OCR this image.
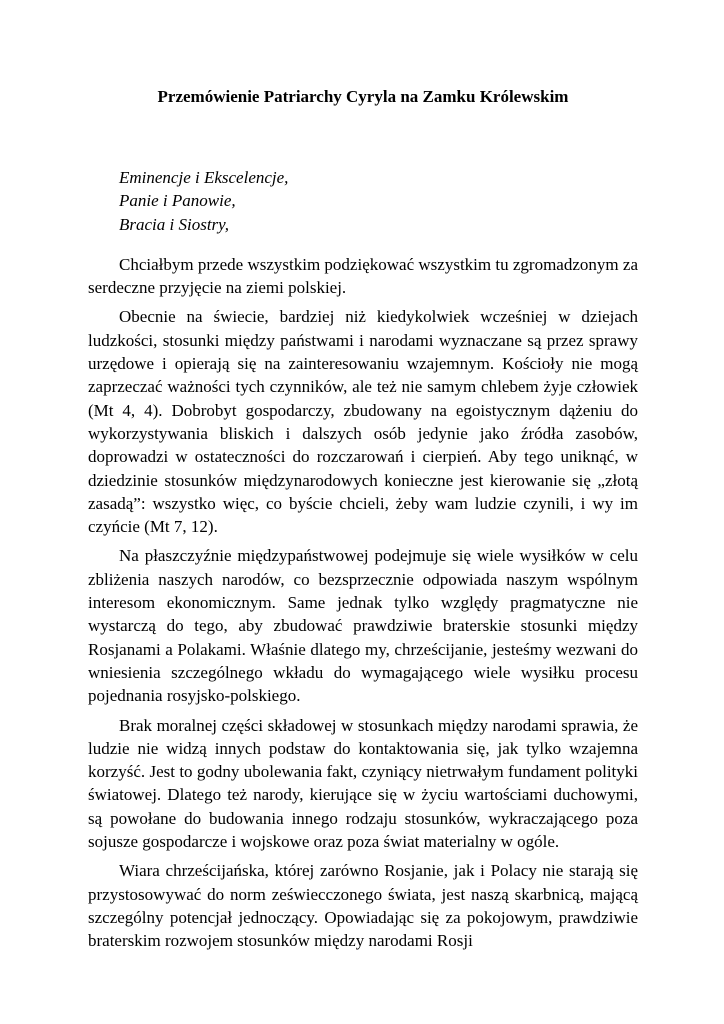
Przemówienie Patriarchy Cyryla na Zamku Królewskim
Eminencje i Ekscelencje,
Panie i Panowie,
Bracia i Siostry,

Chciałbym przede wszystkim podziękować wszystkim tu zgromadzonym za serdeczne przyjęcie na ziemi polskiej.

Obecnie na świecie, bardziej niż kiedykolwiek wcześniej w dziejach ludzkości, stosunki między państwami i narodami wyznaczane są przez sprawy urzędowe i opierają się na zainteresowaniu wzajemnym. Kościoły nie mogą zaprzeczać ważności tych czynników, ale też nie samym chlebem żyje człowiek (Mt 4, 4). Dobrobyt gospodarczy, zbudowany na egoistycznym dążeniu do wykorzystywania bliskich i dalszych osób jedynie jako źródła zasobów, doprowadzi w ostateczności do rozczarowań i cierpień. Aby tego uniknąć, w dziedzinie stosunków międzynarodowych konieczne jest kierowanie się „złotą zasadą”: wszystko więc, co byście chcieli, żeby wam ludzie czynili, i wy im czyńcie (Mt 7, 12).

Na płaszczyźnie międzypaństwowej podejmuje się wiele wysiłków w celu zbliżenia naszych narodów, co bezsprzecznie odpowiada naszym wspólnym interesom ekonomicznym. Same jednak tylko względy pragmatyczne nie wystarczą do tego, aby zbudować prawdziwie braterskie stosunki między Rosjanami a Polakami. Właśnie dlatego my, chrześcijanie, jesteśmy wezwani do wniesienia szczególnego wkładu do wymagającego wiele wysiłku procesu pojednania rosyjsko-polskiego.

Brak moralnej części składowej w stosunkach między narodami sprawia, że ludzie nie widzą innych podstaw do kontaktowania się, jak tylko wzajemna korzyść. Jest to godny ubolewania fakt, czyniący nietrwałym fundament polityki światowej. Dlatego też narody, kierujące się w życiu wartościami duchowymi, są powołane do budowania innego rodzaju stosunków, wykraczającego poza sojusze gospodarcze i wojskowe oraz poza świat materialny w ogóle.

Wiara chrześcijańska, której zarówno Rosjanie, jak i Polacy nie starają się przystosowywać do norm zeświecczonego świata, jest naszą skarbnicą, mającą szczególny potencjał jednoczący. Opowiadając się za pokojowym, prawdziwie braterskim rozwojem stosunków między narodami Rosji
